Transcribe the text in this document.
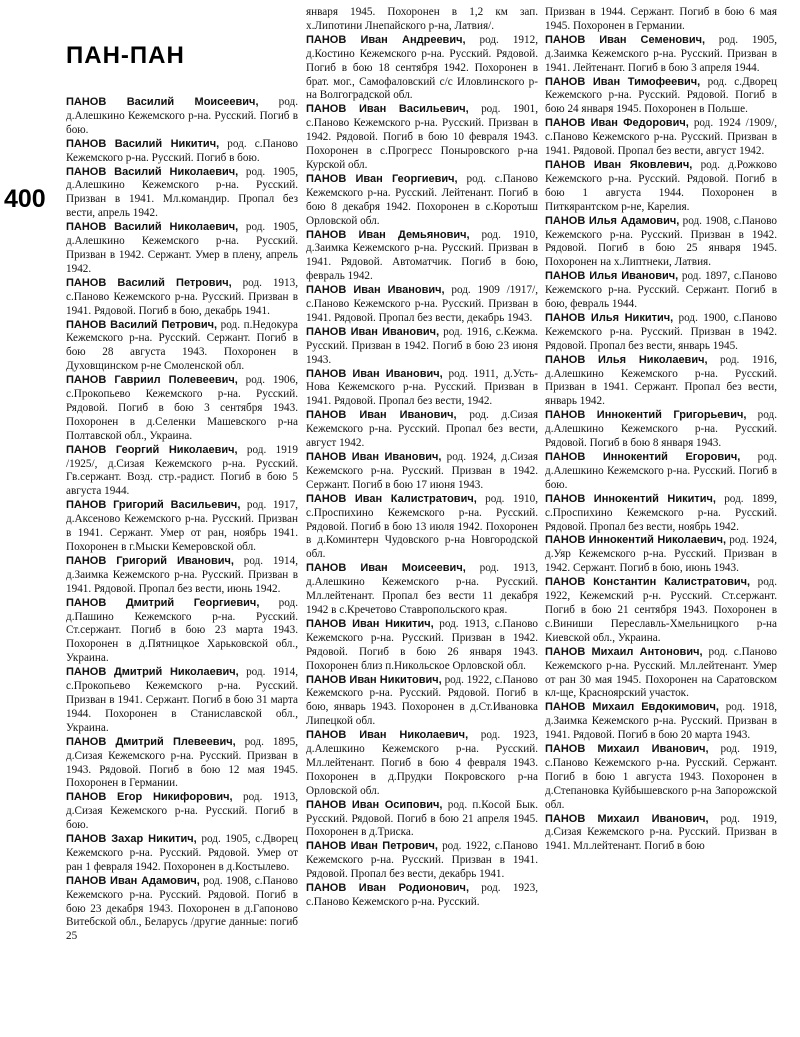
ПАН-ПАН
400

ПАНОВ Василий Моисеевич, род. д.Алешкино Кежемского р-на. Русский. Погиб в бою.

ПАНОВ Василий Никитич, род. с.Паново Кежемского р-на. Русский. Погиб в бою.

ПАНОВ Василий Николаевич, род. 1905, д.Алешкино Кежемского р-на. Русский. Призван в 1941. Мл.командир. Пропал без вести, апрель 1942.

ПАНОВ Василий Николаевич, род. 1905, д.Алешкино Кежемского р-на. Русский. Призван в 1942. Сержант. Умер в плену, апрель 1942.

ПАНОВ Василий Петрович, род. 1913, с.Паново Кежемского р-на. Русский. Призван в 1941. Рядовой. Погиб в бою, декабрь 1941.

ПАНОВ Василий Петрович, род. п.Недокура Кежемского р-на. Русский. Сержант. Погиб в бою 28 августа 1943. Похоронен в Духовщинском р-не Смоленской обл.

ПАНОВ Гавриил Полевеевич, род. 1906, с.Прокопьево Кежемского р-на. Русский. Рядовой. Погиб в бою 3 сентября 1943. Похоронен в д.Селенки Машевского р-на Полтавской обл., Украина.

ПАНОВ Георгий Николаевич, род. 1919 /1925/, д.Сизая Кежемского р-на. Русский. Гв.сержант. Возд. стр.-радист. Погиб в бою 5 августа 1944.

ПАНОВ Григорий Васильевич, род. 1917, д.Аксеново Кежемского р-на. Русский. Призван в 1941. Сержант. Умер от ран, ноябрь 1941. Похоронен в г.Мыски Кемеровской обл.

ПАНОВ Григорий Иванович, род. 1914, д.Заимка Кежемского р-на. Русский. Призван в 1941. Рядовой. Пропал без вести, июнь 1942.

ПАНОВ Дмитрий Георгиевич, род. д.Пашино Кежемского р-на. Русский. Ст.сержант. Погиб в бою 23 марта 1943. Похоронен в д.Пятницкое Харьковской обл., Украина.

ПАНОВ Дмитрий Николаевич, род. 1914, с.Прокопьево Кежемского р-на. Русский. Призван в 1941. Сержант. Погиб в бою 31 марта 1944. Похоронен в Станиславской обл., Украина.

ПАНОВ Дмитрий Плевеевич, род. 1895, д.Сизая Кежемского р-на. Русский. Призван в 1943. Рядовой. Погиб в бою 12 мая 1945. Похоронен в Германии.

ПАНОВ Егор Никифорович, род. 1913, д.Сизая Кежемского р-на. Русский. Погиб в бою.

ПАНОВ Захар Никитич, род. 1905, с.Дворец Кежемского р-на. Русский. Рядовой. Умер от ран 1 февраля 1942. Похоронен в д.Костылево.

ПАНОВ Иван Адамович, род. 1908, с.Паново Кежемского р-на. Русский. Рядовой. Погиб в бою 23 декабря 1943. Похоронен в д.Гапоново Витебской обл., Беларусь /другие данные: погиб 25

января 1945. Похоронен в 1,2 км зап. х.Липотини Лнепайского р-на, Латвия/.

ПАНОВ Иван Андреевич, род. 1912, д.Костино Кежемского р-на. Русский. Рядовой. Погиб в бою 18 сентября 1942. Похоронен в брат. мог., Самофаловский с/с Иловлинского р-на Волгоградской обл.

ПАНОВ Иван Васильевич, род. 1901, с.Паново Кежемского р-на. Русский. Призван в 1942. Рядовой. Погиб в бою 10 февраля 1943. Похоронен в с.Прогресс Поныровского р-на Курской обл.

ПАНОВ Иван Георгиевич, род. с.Паново Кежемского р-на. Русский. Лейтенант. Погиб в бою 8 декабря 1942. Похоронен в с.Коротыш Орловской обл.

ПАНОВ Иван Демьянович, род. 1910, д.Заимка Кежемского р-на. Русский. Призван в 1941. Рядовой. Автоматчик. Погиб в бою, февраль 1942.

ПАНОВ Иван Иванович, род. 1909 /1917/, с.Паново Кежемского р-на. Русский. Призван в 1941. Рядовой. Пропал без вести, декабрь 1943.

ПАНОВ Иван Иванович, род. 1916, с.Кежма. Русский. Призван в 1942. Погиб в бою 23 июня 1943.

ПАНОВ Иван Иванович, род. 1911, д.Усть-Нова Кежемского р-на. Русский. Призван в 1941. Рядовой. Пропал без вести, 1942.

ПАНОВ Иван Иванович, род. д.Сизая Кежемского р-на. Русский. Пропал без вести, август 1942.

ПАНОВ Иван Иванович, род. 1924, д.Сизая Кежемского р-на. Русский. Призван в 1942. Сержант. Погиб в бою 17 июня 1943.

ПАНОВ Иван Калистратович, род. 1910, с.Проспихино Кежемского р-на. Русский. Рядовой. Погиб в бою 13 июля 1942. Похоронен в д.Коминтерн Чудовского р-на Новгородской обл.

ПАНОВ Иван Моисеевич, род. 1913, д.Алешкино Кежемского р-на. Русский. Мл.лейтенант. Пропал без вести 11 декабря 1942 в с.Кречетово Ставропольского края.

ПАНОВ Иван Никитич, род. 1913, с.Паново Кежемского р-на. Русский. Призван в 1942. Рядовой. Погиб в бою 26 января 1943. Похоронен близ п.Никольское Орловской обл.

ПАНОВ Иван Никитович, род. 1922, с.Паново Кежемского р-на. Русский. Рядовой. Погиб в бою, январь 1943. Похоронен в д.Ст.Ивановка Липецкой обл.

ПАНОВ Иван Николаевич, род. 1923, д.Алешкино Кежемского р-на. Русский. Мл.лейтенант. Погиб в бою 4 февраля 1943. Похоронен в д.Прудки Покровского р-на Орловской обл.

ПАНОВ Иван Осипович, род. п.Косой Бык. Русский. Рядовой. Погиб в бою 21 апреля 1945. Похоронен в д.Триска.

ПАНОВ Иван Петрович, род. 1922, с.Паново Кежемского р-на. Русский. Призван в 1941. Рядовой. Пропал без вести, декабрь 1941.

ПАНОВ Иван Родионович, род. 1923, с.Паново Кежемского р-на. Русский.

Призван в 1944. Сержант. Погиб в бою 6 мая 1945. Похоронен в Германии.

ПАНОВ Иван Семенович, род. 1905, д.Заимка Кежемского р-на. Русский. Призван в 1941. Лейтенант. Погиб в бою 3 апреля 1944.

ПАНОВ Иван Тимофеевич, род. с.Дворец Кежемского р-на. Русский. Рядовой. Погиб в бою 24 января 1945. Похоронен в Польше.

ПАНОВ Иван Федорович, род. 1924 /1909/, с.Паново Кежемского р-на. Русский. Призван в 1941. Рядовой. Пропал без вести, август 1942.

ПАНОВ Иван Яковлевич, род. д.Рожково Кежемского р-на. Русский. Рядовой. Погиб в бою 1 августа 1944. Похоронен в Питкярантском р-не, Карелия.

ПАНОВ Илья Адамович, род. 1908, с.Паново Кежемского р-на. Русский. Призван в 1942. Рядовой. Погиб в бою 25 января 1945. Похоронен на х.Липтнеки, Латвия.

ПАНОВ Илья Иванович, род. 1897, с.Паново Кежемского р-на. Русский. Сержант. Погиб в бою, февраль 1944.

ПАНОВ Илья Никитич, род. 1900, с.Паново Кежемского р-на. Русский. Призван в 1942. Рядовой. Пропал без вести, январь 1945.

ПАНОВ Илья Николаевич, род. 1916, д.Алешкино Кежемского р-на. Русский. Призван в 1941. Сержант. Пропал без вести, январь 1942.

ПАНОВ Иннокентий Григорьевич, род. д.Алешкино Кежемского р-на. Русский. Рядовой. Погиб в бою 8 января 1943.

ПАНОВ Иннокентий Егорович, род. д.Алешкино Кежемского р-на. Русский. Погиб в бою.

ПАНОВ Иннокентий Никитич, род. 1899, с.Проспихино Кежемского р-на. Русский. Рядовой. Пропал без вести, ноябрь 1942.

ПАНОВ Иннокентий Николаевич, род. 1924, д.Уяр Кежемского р-на. Русский. Призван в 1942. Сержант. Погиб в бою, июнь 1943.

ПАНОВ Константин Калистратович, род. 1922, Кежемский р-н. Русский. Ст.сержант. Погиб в бою 21 сентября 1943. Похоронен в с.Виниши Переславль-Хмельницкого р-на Киевской обл., Украина.

ПАНОВ Михаил Антонович, род. с.Паново Кежемского р-на. Русский. Мл.лейтенант. Умер от ран 30 мая 1945. Похоронен на Саратовском кл-ще, Красноярский участок.

ПАНОВ Михаил Евдокимович, род. 1918, д.Заимка Кежемского р-на. Русский. Призван в 1941. Рядовой. Погиб в бою 20 марта 1943.

ПАНОВ Михаил Иванович, род. 1919, с.Паново Кежемского р-на. Русский. Сержант. Погиб в бою 1 августа 1943. Похоронен в д.Степановка Куйбышевского р-на Запорожской обл.

ПАНОВ Михаил Иванович, род. 1919, д.Сизая Кежемского р-на. Русский. Призван в 1941. Мл.лейтенант. Погиб в бою
